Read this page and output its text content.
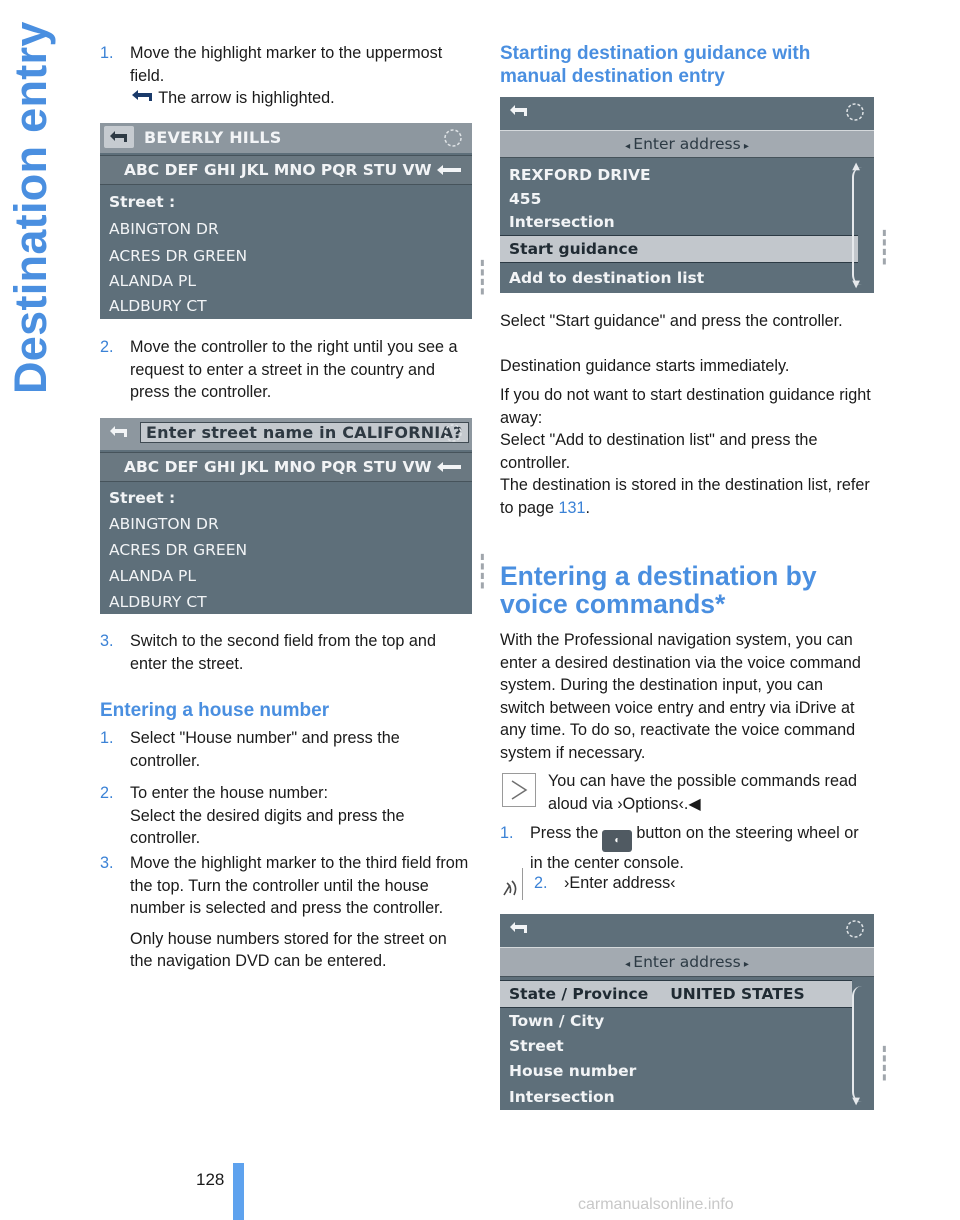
Destination entry
128
carmanualsonline.info
1.	Move the highlight marker to the uppermost field.
The arrow is highlighted.
BEVERLY HILLS
ABC DEF GHI JKL MNO PQR STU VW
Street :
ABINGTON DR
ACRES DR GREEN
ALANDA PL
ALDBURY CT
▮▮▮▮
2.	Move the controller to the right until you see a request to enter a street in the country and press the controller.
Enter street name in CALIFORNIA?
ABC DEF GHI JKL MNO PQR STU VW
Street :
ABINGTON DR
ACRES DR GREEN
ALANDA PL
ALDBURY CT
▮▮▮▮
3.	Switch to the second field from the top and enter the street.
Entering a house number
1.	Select "House number" and press the controller.
2.	To enter the house number:
Select the desired digits and press the controller.
3.	Move the highlight marker to the third field from the top. Turn the controller until the house number is selected and press the controller.

Only house numbers stored for the street on the navigation DVD can be entered.
Starting destination guidance with manual destination entry
◂ Enter address ▸
REXFORD DRIVE
455
Intersection
Start guidance
Add to destination list
▲
▼
▮▮▮▮
Select "Start guidance" and press the controller.
Destination guidance starts immediately.
If you do not want to start destination guidance right away:
Select "Add to destination list" and press the controller.
The destination is stored in the destination list, refer to page 131.
Entering a destination by voice commands*
With the Professional navigation system, you can enter a desired destination via the voice command system. During the destination input, you can switch between voice entry and entry via iDrive at any time. To do so, reactivate the voice command system if necessary.
You can have the possible commands read aloud via ›Options‹.◀
1.	Press the ◐ button on the steering wheel or in the center console.
2.	›Enter address‹
◂ Enter address ▸
State / Province UNITED STATES
Town / City
Street
House number
Intersection	▼
▮▮▮▮
